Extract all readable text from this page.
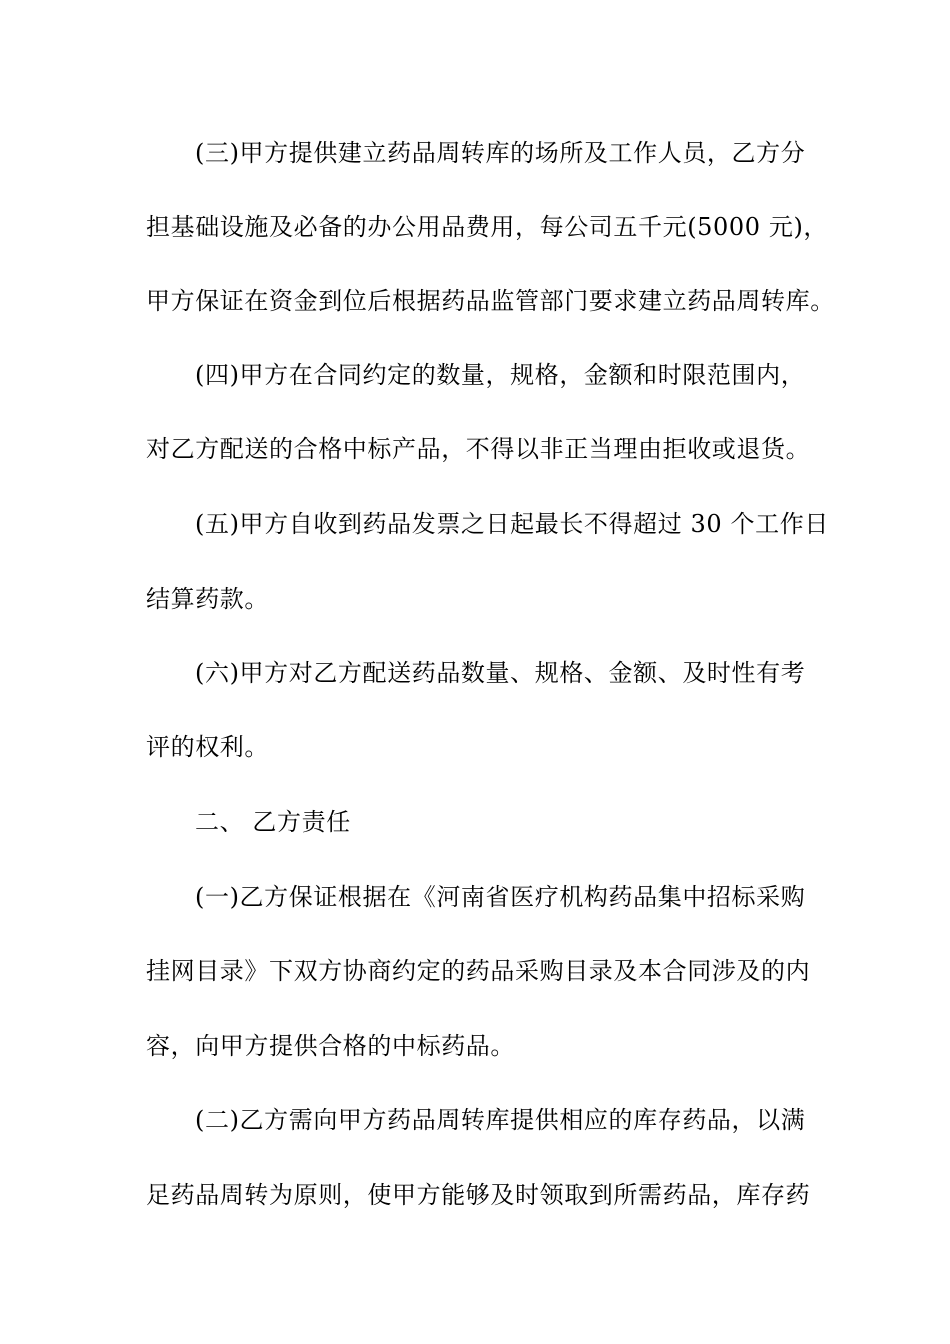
(三)甲方提供建立药品周转库的场所及工作人员，乙方分
担基础设施及必备的办公用品费用，每公司五千元(5000 元)，
甲方保证在资金到位后根据药品监管部门要求建立药品周转库。
(四)甲方在合同约定的数量，规格，金额和时限范围内，
对乙方配送的合格中标产品，不得以非正当理由拒收或退货。
(五)甲方自收到药品发票之日起最长不得超过 30 个工作日
结算药款。
(六)甲方对乙方配送药品数量、规格、金额、及时性有考
评的权利。
二、 乙方责任
(一)乙方保证根据在《河南省医疗机构药品集中招标采购
挂网目录》下双方协商约定的药品采购目录及本合同涉及的内
容，向甲方提供合格的中标药品。
(二)乙方需向甲方药品周转库提供相应的库存药品，以满
足药品周转为原则，使甲方能够及时领取到所需药品，库存药
